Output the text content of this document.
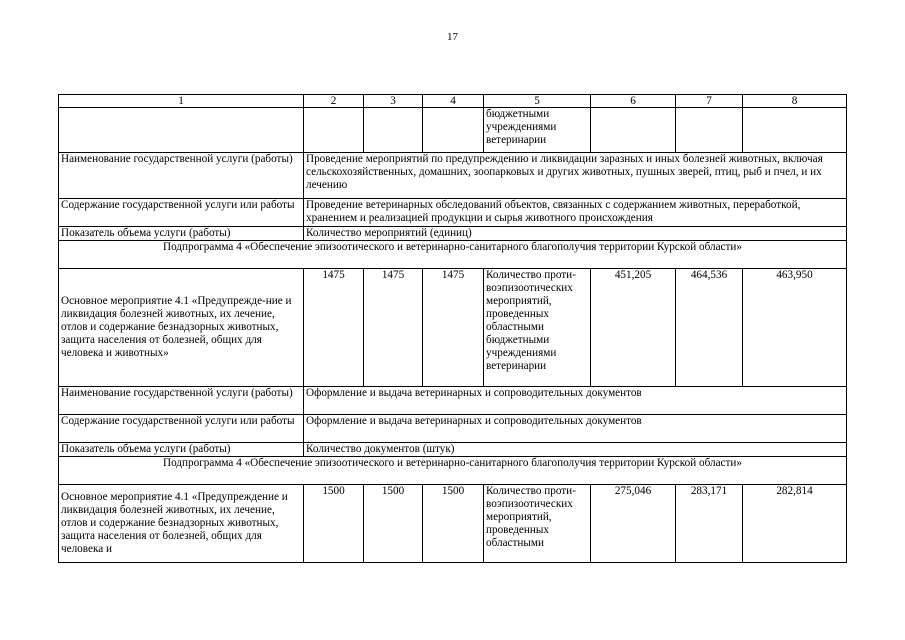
17
1	2	3	4	5	6	7	8
				бюджетными
учреждениями
ветеринарии			
Наименование государственной услуги (работы)	Проведение мероприятий по предупреждению и ликвидации заразных и иных болезней животных, включая сельскохозяйственных, домашних, зоопарковых и других животных, пушных зверей, птиц, рыб и пчел, и их лечению						
Содержание государственной услуги или работы	Проведение ветеринарных обследований объектов, связанных с содержанием животных, переработкой, хранением и реализацией продукции и сырья животного происхождения						
Показатель объема услуги (работы)	Количество мероприятий (единиц)						
Подпрограмма 4 «Обеспечение эпизоотического и ветеринарно-санитарного благополучия территории Курской области»							
Основное мероприятие 4.1 «Предупрежде-ние и ликвидация болезней животных, их лечение, отлов и содержание безнадзорных животных, защита населения от болезней, общих для человека и животных»	1475	1475	1475	Количество проти-воэпизоотических мероприятий, проведенных областными бюджетными учреждениями ветеринарии	451,205	464,536	463,950
Наименование государственной услуги (работы)	Оформление и выдача ветеринарных и сопроводительных документов						
Содержание государственной услуги или работы	Оформление и выдача ветеринарных и сопроводительных документов						
Показатель объема услуги (работы)	Количество документов (штук)						
Подпрограмма 4 «Обеспечение эпизоотического и ветеринарно-санитарного благополучия территории Курской области»							
Основное мероприятие 4.1 «Предупреждение и ликвидация болезней животных, их лечение, отлов и содержание безнадзорных животных, защита населения от болезней, общих для человека и	1500	1500	1500	Количество проти-воэпизоотических мероприятий, проведенных областными	275,046	283,171	282,814
